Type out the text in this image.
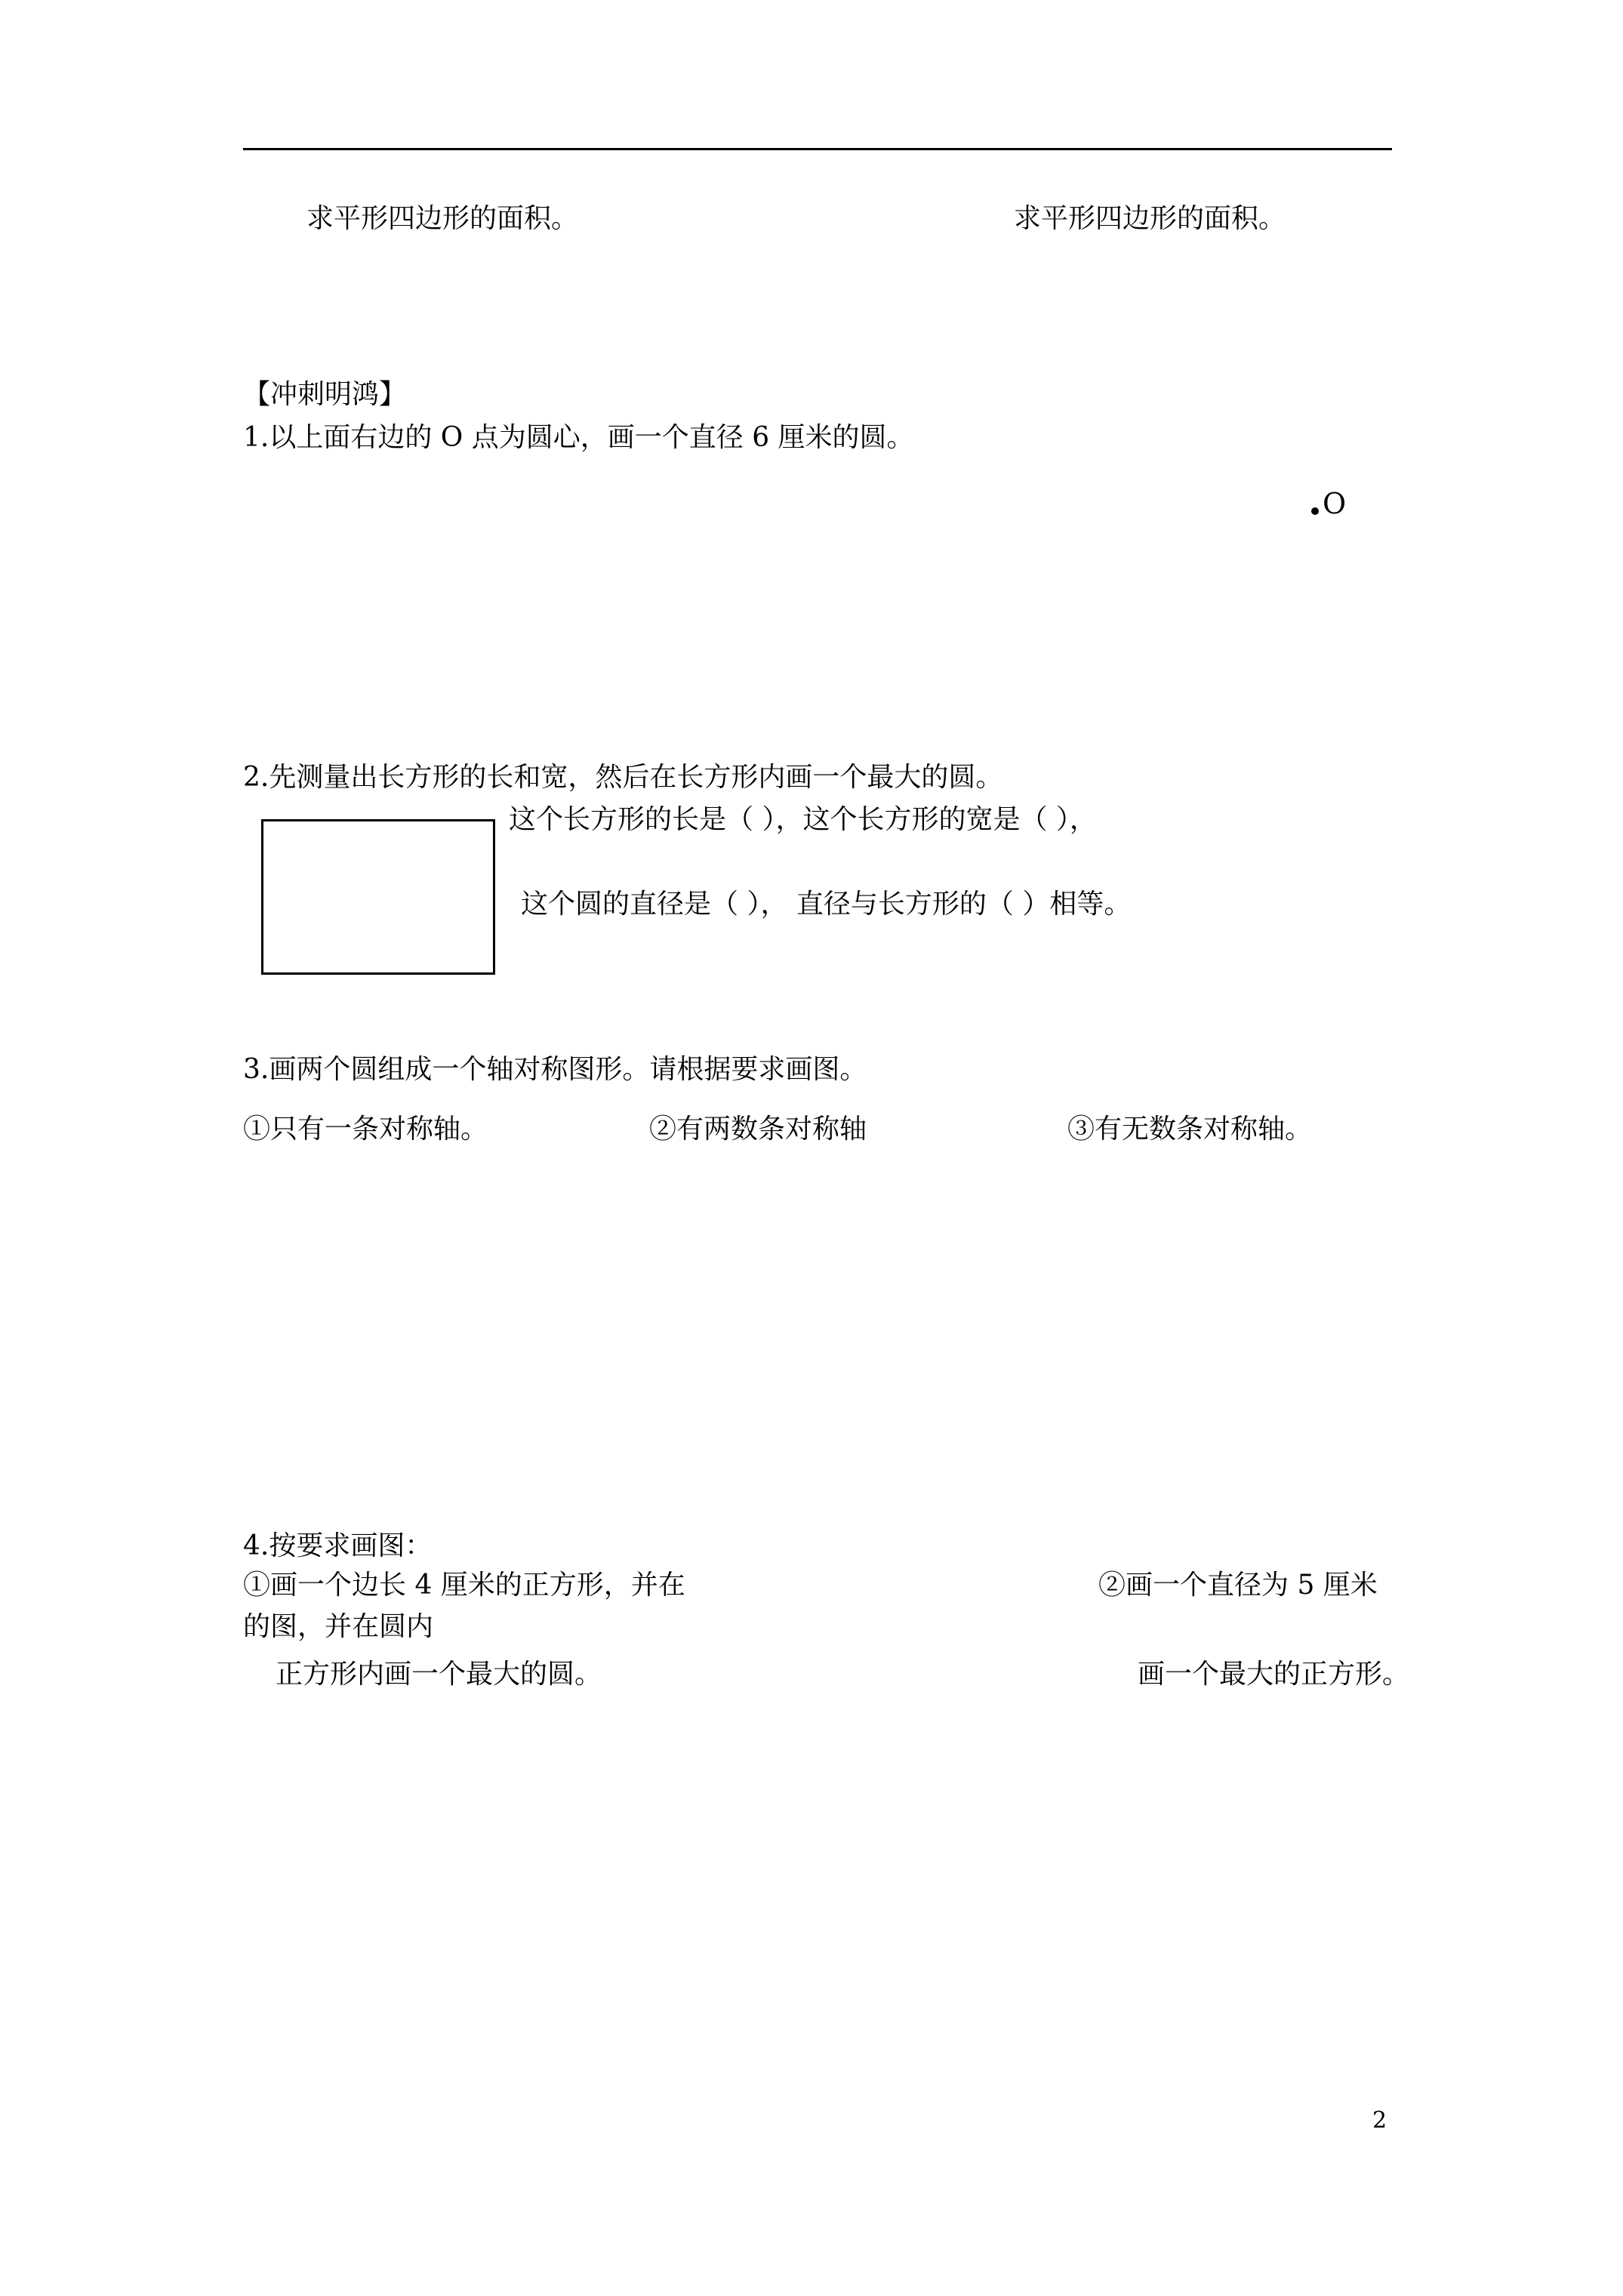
求平形四边形的面积。	求平形四边形的面积。
【冲刺明鸿】
1.以上面右边的 O 点为圆心，画一个直径 6 厘米的圆。
O
2.先测量出长方形的长和宽，然后在长方形内画一个最大的圆。
这个长方形的长是（ ），这个长方形的宽是（ ），
这个圆的直径是（ ）， 直径与长方形的（ ）相等。
3.画两个圆组成一个轴对称图形。请根据要求画图。
①只有一条对称轴。	②有两数条对称轴	③有无数条对称轴。
4.按要求画图：
①画一个边长 4 厘米的正方形，并在	②画一个直径为 5 厘米
的图，并在圆内
正方形内画一个最大的圆。	画一个最大的正方形。
2
